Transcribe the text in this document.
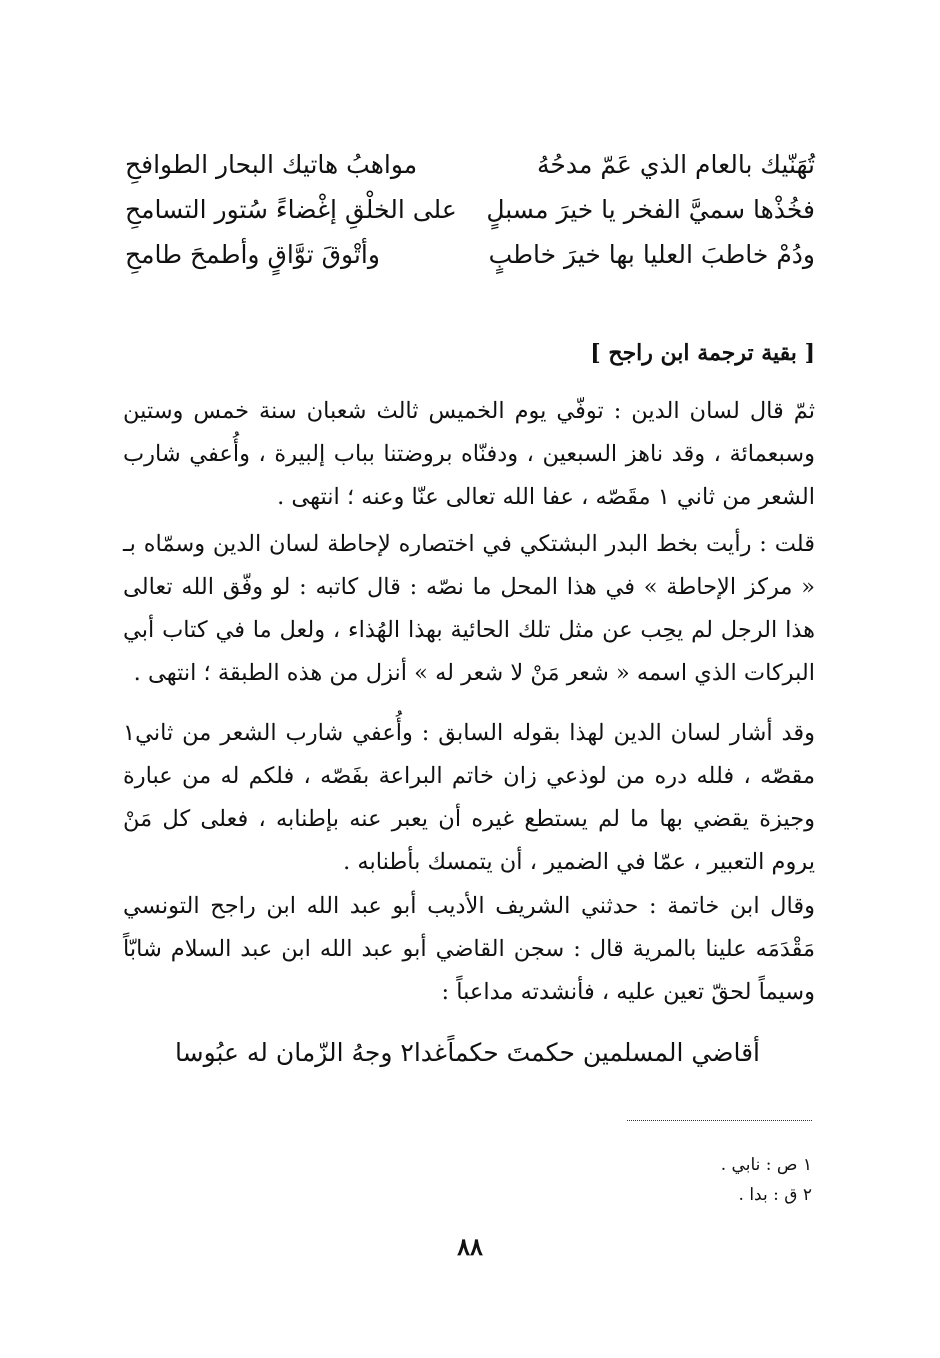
تُهَنّيك بالعام الذي عَمّ مدحُهُ
مواهبُ هاتيك البحار الطوافحِ
فخُذْها سميَّ الفخر يا خيرَ مسبلٍ
على الخلْقِ إغْضاءً سُتور التسامحِ
ودُمْ خاطبَ العليا بها خيرَ خاطبٍ
وأتْوقَ توَّاقٍ وأطمحَ طامحِ
[ بقية ترجمة ابن راجح ]

ثمّ قال لسان الدين : توفّي يوم الخميس ثالث شعبان سنة خمس وستين وسبعمائة ، وقد ناهز السبعين ، ودفنّاه بروضتنا بباب إلبيرة ، وأُعفي شارب الشعر من ثاني ١ مقَصّه ، عفا الله تعالى عنّا وعنه ؛ انتهى .

قلت : رأيت بخط البدر البشتكي في اختصاره لإحاطة لسان الدين وسمّاه بـ « مركز الإحاطة » في هذا المحل ما نصّه : قال كاتبه : لو وفّق الله تعالى هذا الرجل لم يحِب عن مثل تلك الحائية بهذا الهُذاء ، ولعل ما في كتاب أبي البركات الذي اسمه « شعر مَنْ لا شعر له » أنزل من هذه الطبقة ؛ انتهى .

وقد أشار لسان الدين لهذا بقوله السابق : وأُعفي شارب الشعر من ثاني١ مقصّه ، فلله دره من لوذعي زان خاتم البراعة بفَصّه ، فلكم له من عبارة وجيزة يقضي بها ما لم يستطع غيره أن يعبر عنه بإطنابه ، فعلى كل مَنْ يروم التعبير ، عمّا في الضمير ، أن يتمسك بأطنابه .

وقال ابن خاتمة : حدثني الشريف الأديب أبو عبد الله ابن راجح التونسي مَقْدَمَه علينا بالمرية قال : سجن القاضي أبو عبد الله ابن عبد السلام شابّاً وسيماً لحقّ تعين عليه ، فأنشدته مداعباً :

أقاضي المسلمين حكمتَ حكماً
غدا٢ وجهُ الزّمان له عبُوسا
١ ص : نابي .
٢ ق : بدا .
٨٨
